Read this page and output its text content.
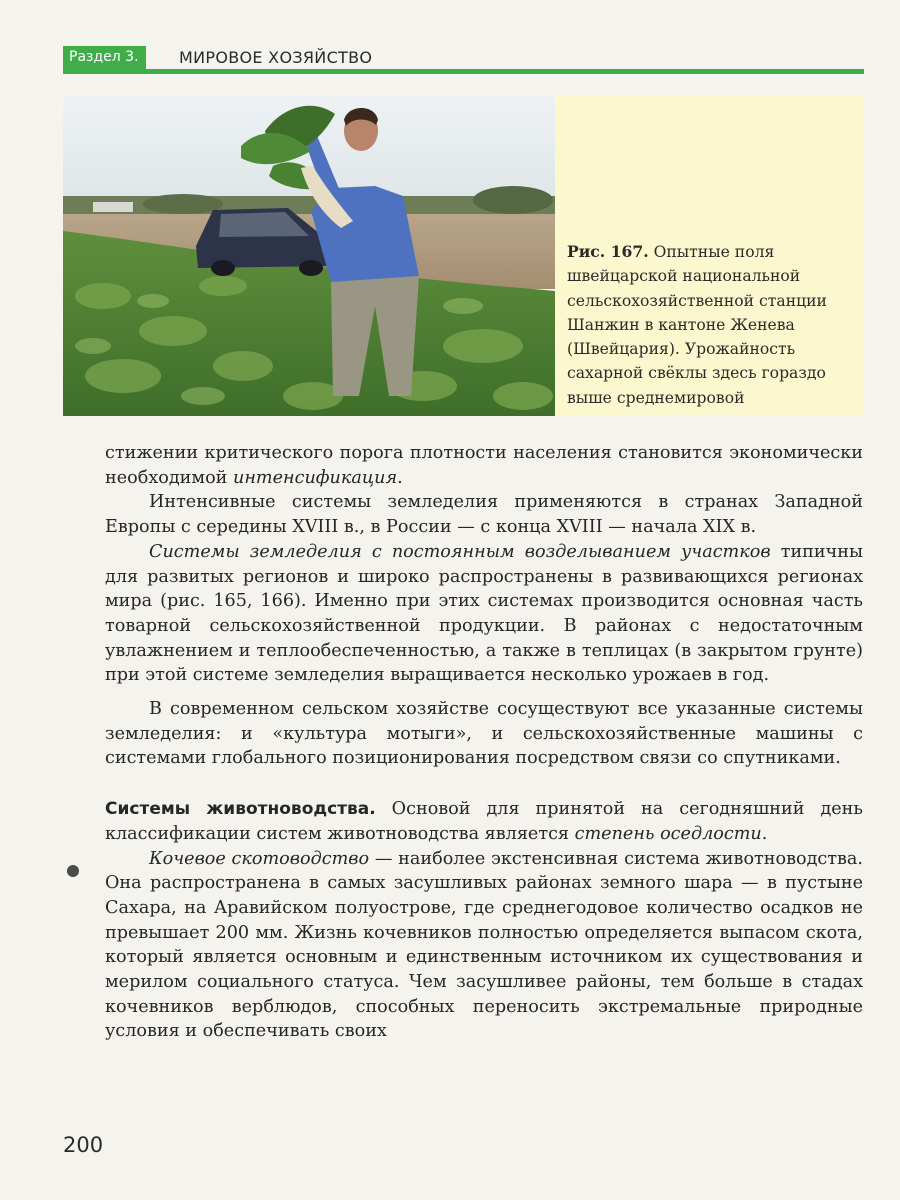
Раздел 3.	МИРОВОЕ ХОЗЯЙСТВО
Рис. 167. Опытные поля швейцарской национальной сельскохозяйственной станции Шанжин в кантоне Женева (Швейцария). Урожайность сахарной свёклы здесь гораздо выше среднемировой

стижении критического порога плотности населения становится экономически необходимой интенсификация.

Интенсивные системы земледелия применяются в странах Западной Европы с середины XVIII в., в России — с конца XVIII — начала XIX в.

Системы земледелия с постоянным возделыванием участков типичны для развитых регионов и широко распространены в развивающихся регионах мира (рис. 165, 166). Именно при этих системах производится основная часть товарной сельскохозяйственной продукции. В районах с недостаточным увлажнением и теплообеспеченностью, а также в теплицах (в закрытом грунте) при этой системе земледелия выращивается несколько урожаев в год.

В современном сельском хозяйстве сосуществуют все указанные системы земледелия: и «культура мотыги», и сельскохозяйственные машины с системами глобального позиционирования посредством связи со спутниками.

Системы животноводства. Основой для принятой на сегодняшний день классификации систем животноводства является степень оседлости.

Кочевое скотоводство — наиболее экстенсивная система животноводства. Она распространена в самых засушливых районах земного шара — в пустыне Сахара, на Аравийском полуострове, где среднегодовое количество осадков не превышает 200 мм. Жизнь кочевников полностью определяется выпасом скота, который является основным и единственным источником их существования и мерилом социального статуса. Чем засушливее районы, тем больше в стадах кочевников верблюдов, способных переносить экстремальные природные условия и обеспечивать своих

200
